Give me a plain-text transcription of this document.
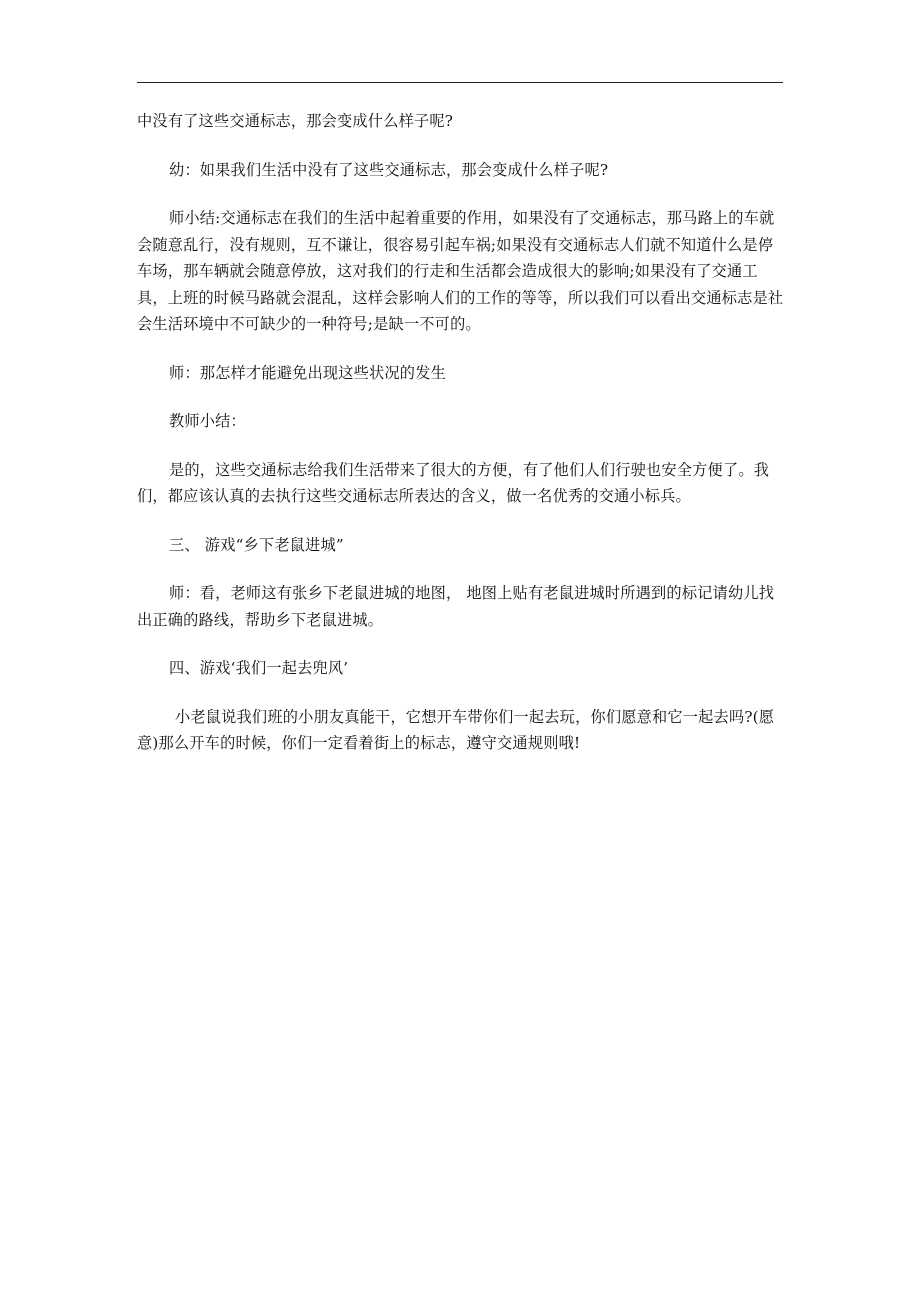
中没有了这些交通标志，那会变成什么样子呢?

幼：如果我们生活中没有了这些交通标志，那会变成什么样子呢?

师小结:交通标志在我们的生活中起着重要的作用，如果没有了交通标志，那马路上的车就会随意乱行，没有规则，互不谦让，很容易引起车祸;如果没有交通标志人们就不知道什么是停车场，那车辆就会随意停放，这对我们的行走和生活都会造成很大的影响;如果没有了交通工具，上班的时候马路就会混乱，这样会影响人们的工作的等等，所以我们可以看出交通标志是社会生活环境中不可缺少的一种符号;是缺一不可的。

师：那怎样才能避免出现这些状况的发生

教师小结：

是的，这些交通标志给我们生活带来了很大的方便，有了他们人们行驶也安全方便了。我们，都应该认真的去执行这些交通标志所表达的含义，做一名优秀的交通小标兵。

三、 游戏“乡下老鼠进城”

师：看，老师这有张乡下老鼠进城的地图， 地图上贴有老鼠进城时所遇到的标记请幼儿找出正确的路线，帮助乡下老鼠进城。

四、游戏‘我们一起去兜风’

小老鼠说我们班的小朋友真能干，它想开车带你们一起去玩，你们愿意和它一起去吗?(愿意)那么开车的时候，你们一定看着街上的标志，遵守交通规则哦!
